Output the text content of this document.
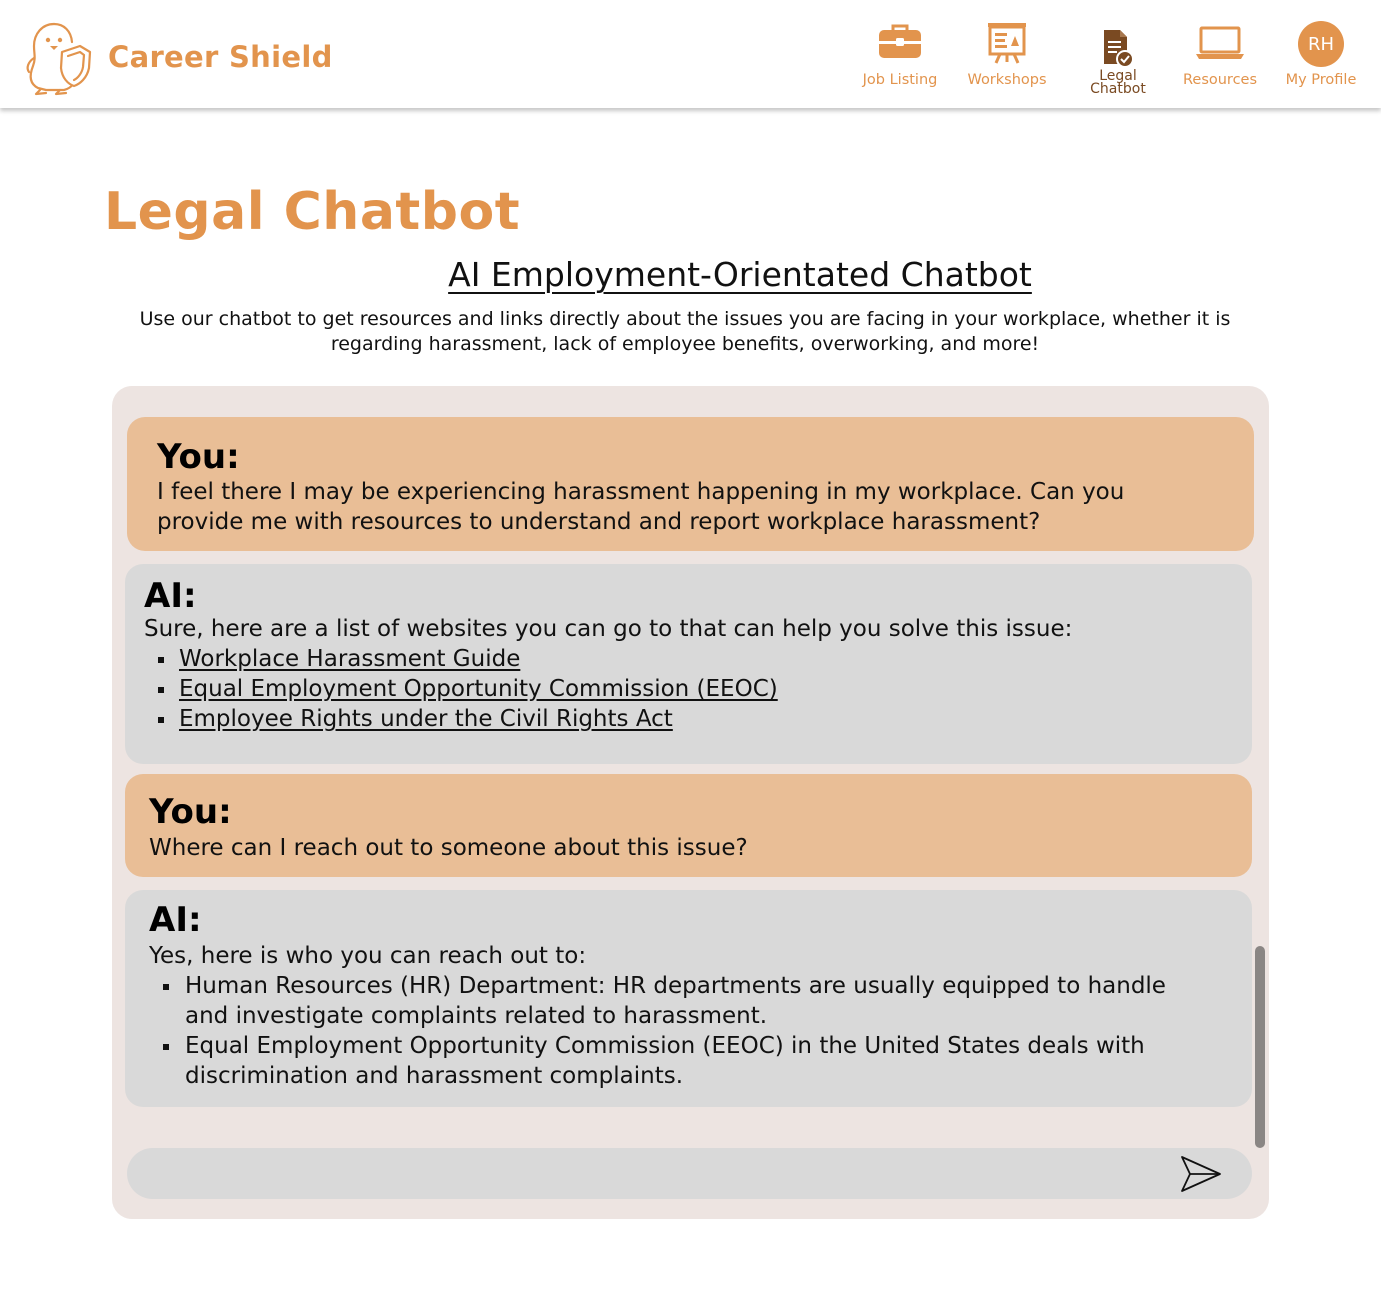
Career Shield
Job Listing	Workshops	Legal
Chatbot
Resources
RH
My Profile
Legal Chatbot
AI Employment-Orientated Chatbot
Use our chatbot to get resources and links directly about the issues you are facing in your workplace, whether it is
regarding harassment, lack of employee benefits, overworking, and more!
You:
I feel there I may be experiencing harassment happening in my workplace. Can you
provide me with resources to understand and report workplace harassment?
AI:
Sure, here are a list of websites you can go to that can help you solve this issue:
Workplace Harassment Guide
Equal Employment Opportunity Commission (EEOC)
Employee Rights under the Civil Rights Act
You:
Where can I reach out to someone about this issue?
AI:
Yes, here is who you can reach out to:
Human Resources (HR) Department: HR departments are usually equipped to handle
and investigate complaints related to harassment.
Equal Employment Opportunity Commission (EEOC) in the United States deals with
discrimination and harassment complaints.
